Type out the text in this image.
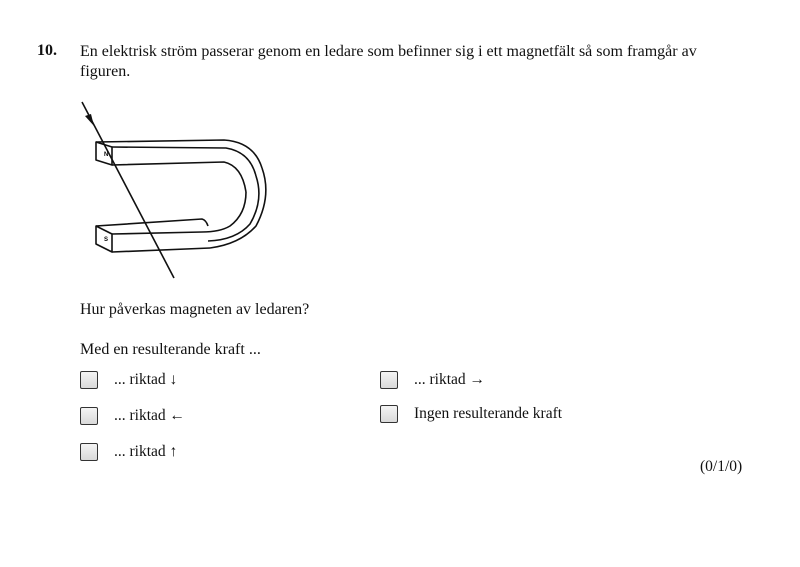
10. En elektrisk ström passerar genom en ledare som befinner sig i ett magnetfält så som framgår av figuren.
N
S
Hur påverkas magneten av ledaren?
Med en resulterande kraft ...
... riktad ↓
... riktad ←
... riktad ↑
... riktad →
Ingen resulterande kraft
(0/1/0)
